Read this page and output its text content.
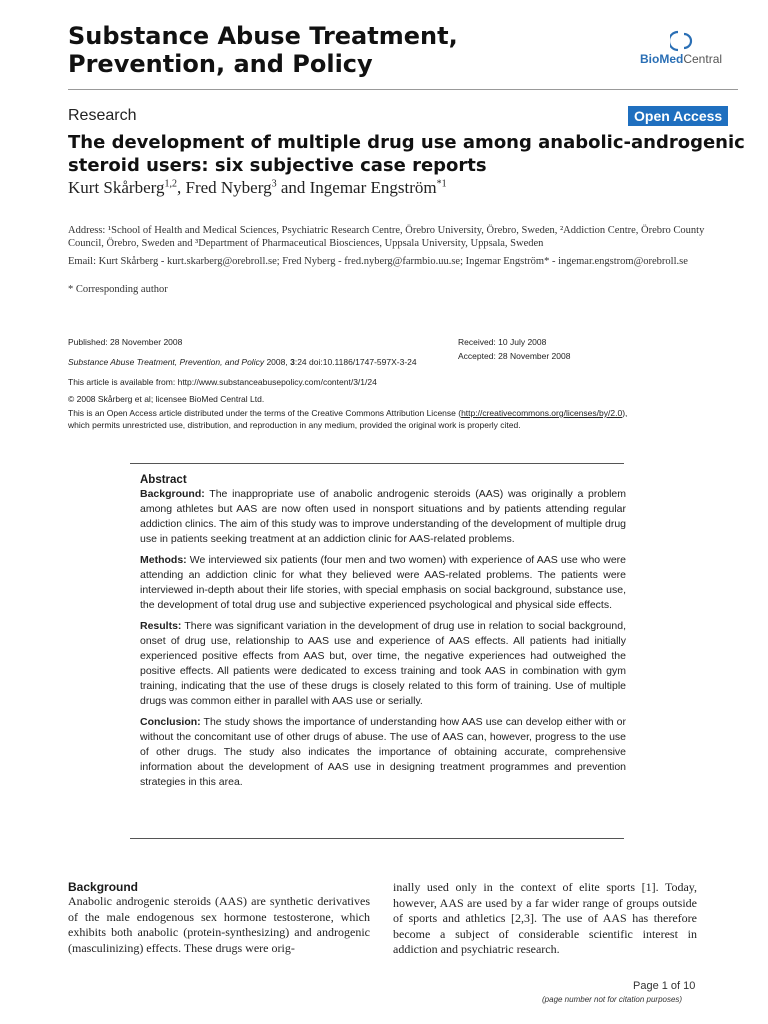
Substance Abuse Treatment, Prevention, and Policy	BioMedCentral
Research	Open Access
The development of multiple drug use among anabolic-androgenic steroid users: six subjective case reports
Kurt Skårberg$^{1,2}$, Fred Nyberg$^3$ and Ingemar Engström$^{*1}$
Address: ¹School of Health and Medical Sciences, Psychiatric Research Centre, Örebro University, Örebro, Sweden, ²Addiction Centre, Örebro County Council, Örebro, Sweden and ³Department of Pharmaceutical Biosciences, Uppsala University, Uppsala, Sweden
Email: Kurt Skårberg - kurt.skarberg@orebroll.se; Fred Nyberg - fred.nyberg@farmbio.uu.se; Ingemar Engström* - ingemar.engstrom@orebroll.se
* Corresponding author
Published: 28 November 2008	Received: 10 July 2008
Accepted: 28 November 2008
Substance Abuse Treatment, Prevention, and Policy 2008, 3:24 doi:10.1186/1747-597X-3-24
This article is available from: http://www.substanceabusepolicy.com/content/3/1/24
© 2008 Skårberg et al; licensee BioMed Central Ltd.
This is an Open Access article distributed under the terms of the Creative Commons Attribution License (http://creativecommons.org/licenses/by/2.0),
which permits unrestricted use, distribution, and reproduction in any medium, provided the original work is properly cited.
Abstract

Background: The inappropriate use of anabolic androgenic steroids (AAS) was originally a problem among athletes but AAS are now often used in nonsport situations and by patients attending regular addiction clinics. The aim of this study was to improve understanding of the development of multiple drug use in patients seeking treatment at an addiction clinic for AAS-related problems.

Methods: We interviewed six patients (four men and two women) with experience of AAS use who were attending an addiction clinic for what they believed were AAS-related problems. The patients were interviewed in-depth about their life stories, with special emphasis on social background, substance use, the development of total drug use and subjective experienced psychological and physical side effects.

Results: There was significant variation in the development of drug use in relation to social background, onset of drug use, relationship to AAS use and experience of AAS effects. All patients had initially experienced positive effects from AAS but, over time, the negative experiences had outweighed the positive effects. All patients were dedicated to excess training and took AAS in combination with gym training, indicating that the use of these drugs is closely related to this form of training. Use of multiple drugs was common either in parallel with AAS use or serially.

Conclusion: The study shows the importance of understanding how AAS use can develop either with or without the concomitant use of other drugs of abuse. The use of AAS can, however, progress to the use of other drugs. The study also indicates the importance of obtaining accurate, comprehensive information about the development of AAS use in designing treatment programmes and prevention strategies in this area.

Background
Anabolic androgenic steroids (AAS) are synthetic derivatives of the male endogenous sex hormone testosterone, which exhibits both anabolic (protein-synthesizing) and androgenic (masculinizing) effects. These drugs were orig-
inally used only in the context of elite sports [1]. Today, however, AAS are used by a far wider range of groups outside of sports and athletics [2,3]. The use of AAS has therefore become a subject of considerable scientific interest in addiction and psychiatric research.
Page 1 of 10
(page number not for citation purposes)
